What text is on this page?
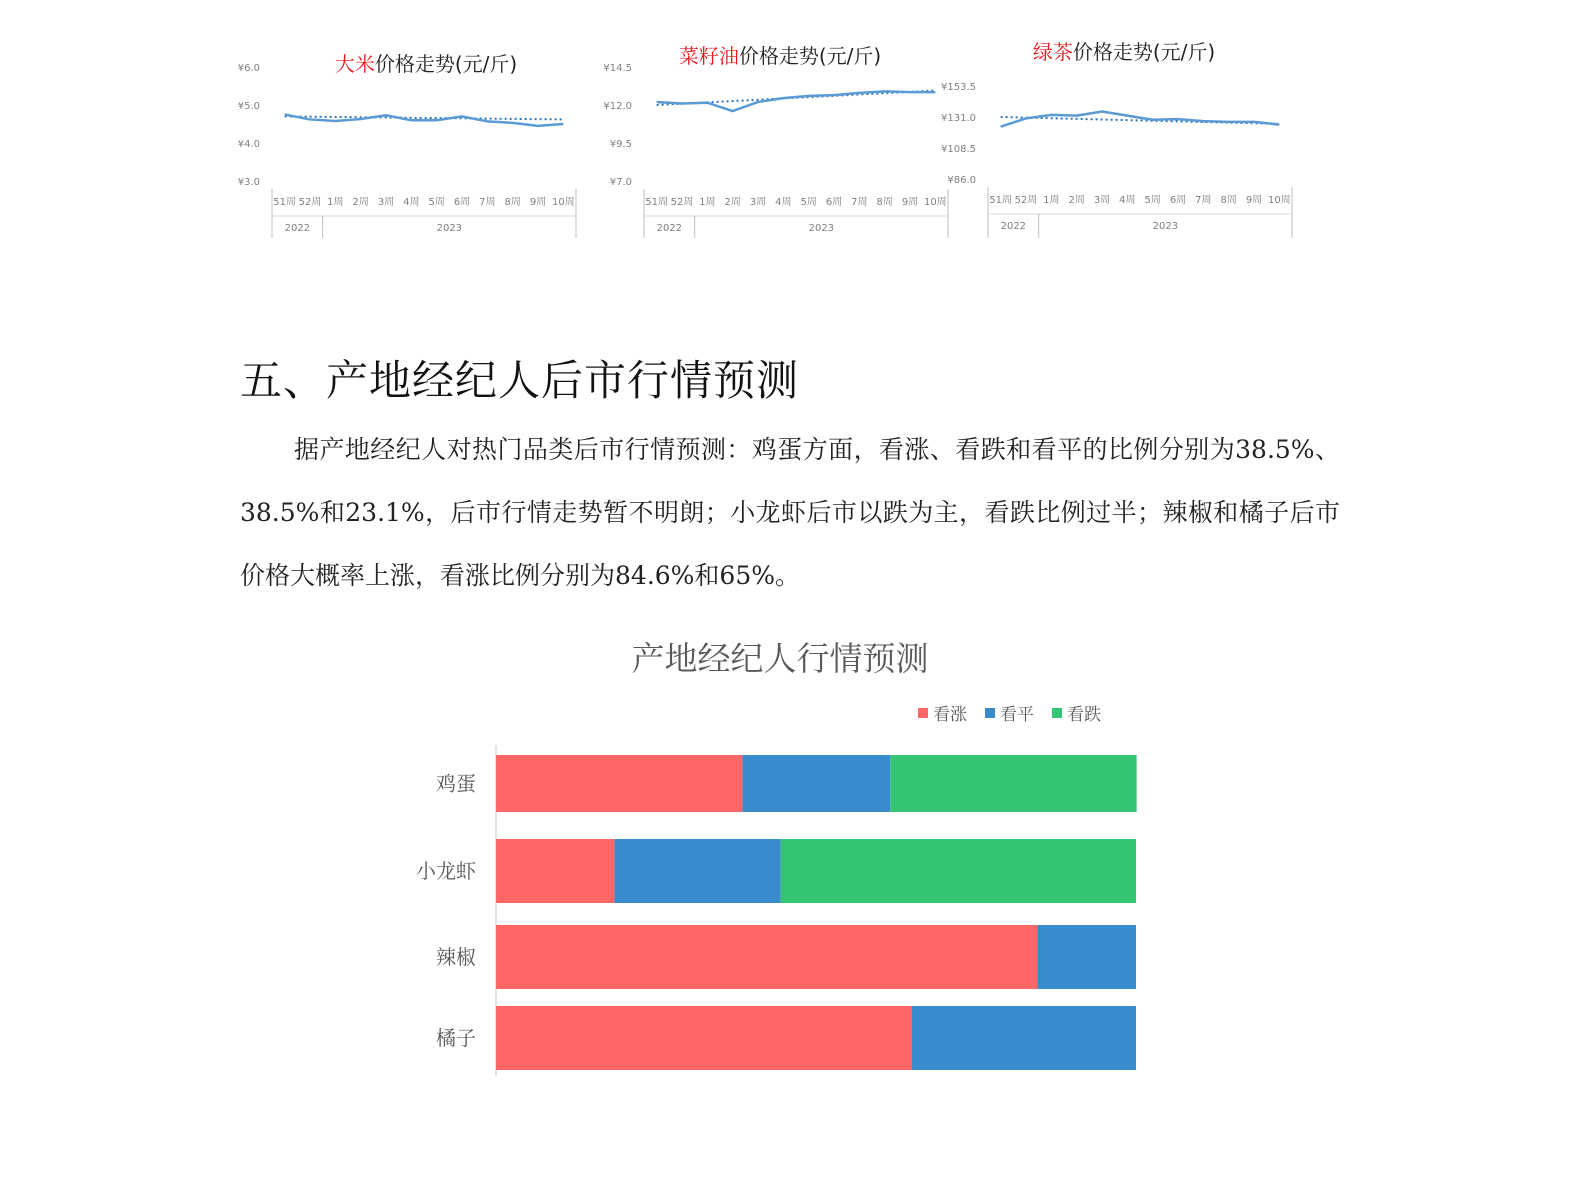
大米价格走势(元/斤)
¥6.0
¥5.0
¥4.0
¥3.0
51周 52周 1周 2周 3周 4周 5周 6周 7周 8周 9周 10周
2022	2023
菜籽油价格走势(元/斤)
¥14.5
¥12.0
¥9.5
¥7.0
51周 52周 1周 2周 3周 4周 5周 6周 7周 8周 9周 10周
2022	2023
绿茶价格走势(元/斤)
¥153.5
¥131.0
¥108.5
¥86.0
51周 52周 1周 2周 3周 4周 5周 6周 7周 8周 9周 10周
2022	2023
五、产地经纪人后市行情预测

据产地经纪人对热门品类后市行情预测：鸡蛋方面，看涨、看跌和看平的比例分别为38.5%、38.5%和23.1%，后市行情走势暂不明朗；小龙虾后市以跌为主，看跌比例过半；辣椒和橘子后市价格大概率上涨，看涨比例分别为84.6%和65%。

产地经纪人行情预测
看涨 看平 看跌
鸡蛋
小龙虾
辣椒
橘子
